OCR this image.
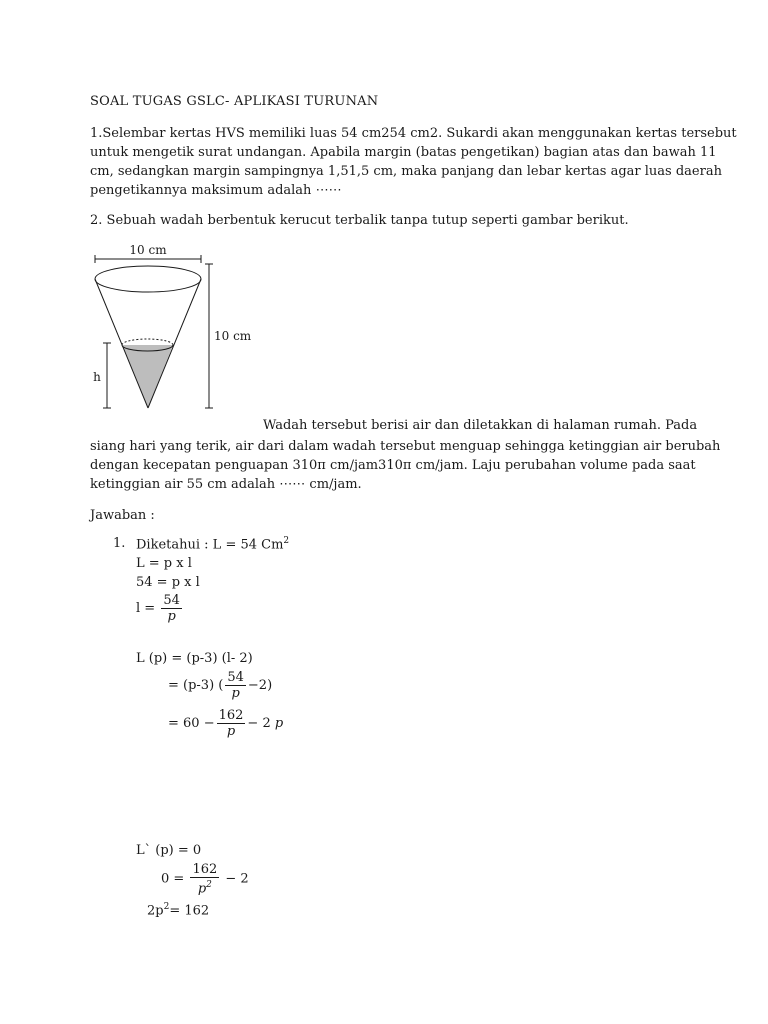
SOAL TUGAS GSLC- APLIKASI TURUNAN
1.Selembar kertas HVS memiliki luas 54 cm254 cm2. Sukardi akan menggunakan kertas tersebut
untuk mengetik surat undangan. Apabila margin (batas pengetikan) bagian atas dan bawah 11
cm, sedangkan margin sampingnya 1,51,5 cm, maka panjang dan lebar kertas agar luas daerah
pengetikannya maksimum adalah ⋯⋯
2. Sebuah wadah berbentuk kerucut terbalik tanpa tutup seperti gambar berikut.
10 cm
10 cm
h
Wadah tersebut berisi air dan diletakkan di halaman rumah. Pada
siang hari yang terik, air dari dalam wadah tersebut menguap sehingga ketinggian air berubah
dengan kecepatan penguapan 310π cm/jam310π cm/jam. Laju perubahan volume pada saat
ketinggian air 55 cm adalah ⋯⋯ cm/jam.
Jawaban :
1. Diketahui : L = 54 Cm$^2$
L = p x l
54 = p x l
$l = \frac{54}{p}$
L (p) = (p-3) (l- 2)
= (p-3) ( $\frac{54}{p} -2$)
= $60 - \frac{162}{p} - 2$ p
L` (p) = 0
$0 = \frac{162}{p^2} - 2$
$2p^2= 162$
